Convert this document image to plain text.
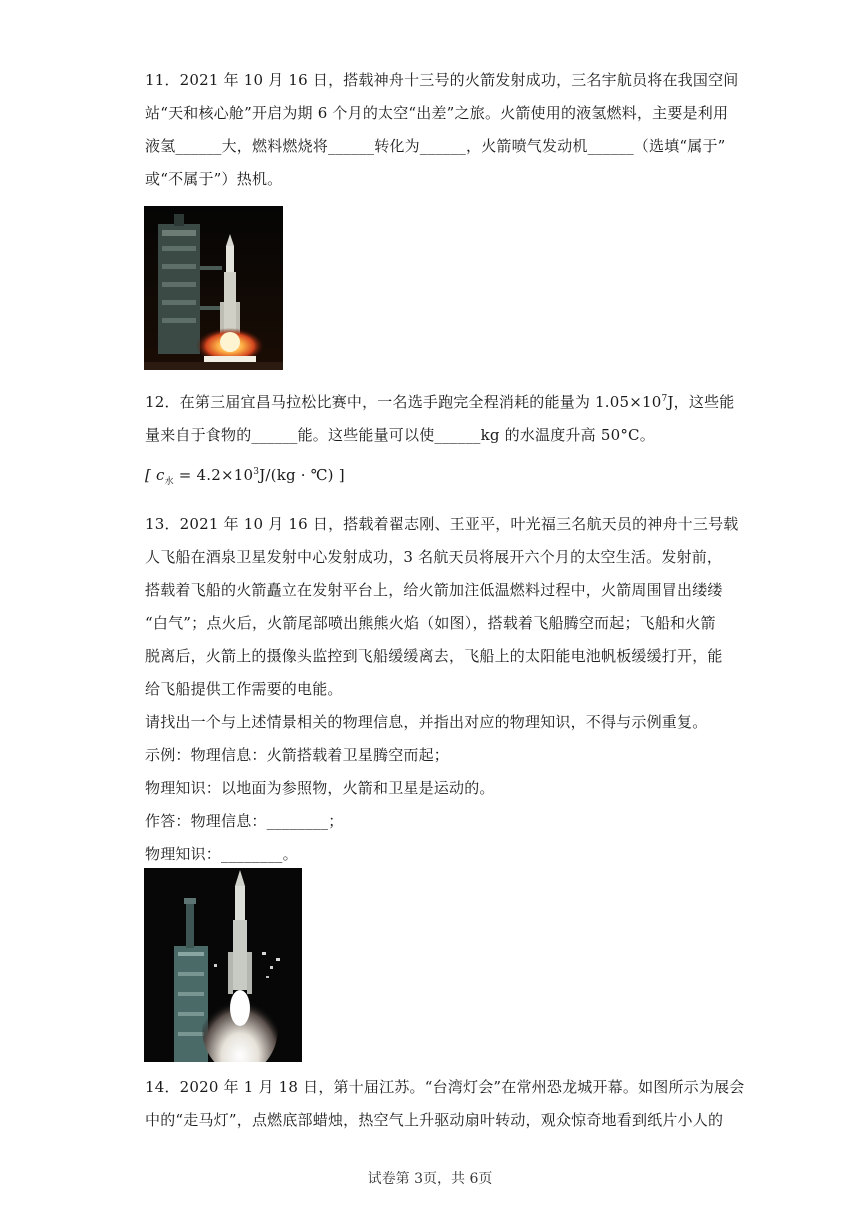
11．2021 年 10 月 16 日，搭载神舟十三号的火箭发射成功，三名宇航员将在我国空间
站“天和核心舱”开启为期 6 个月的太空“出差”之旅。火箭使用的液氢燃料，主要是利用
液氢______大，燃料燃烧将______转化为______，火箭喷气发动机______（选填“属于”
或“不属于”）热机。
12．在第三届宜昌马拉松比赛中，一名选手跑完全程消耗的能量为 $1.05\times 10^7J$，这些能
量来自于食物的______能。这些能量可以使______kg 的水温度升高 50°C。
[ $c_水 = 4.2\times 10^3J/(kg$ · ℃) ]
13．2021 年 10 月 16 日，搭载着翟志刚、王亚平，叶光福三名航天员的神舟十三号载
人飞船在酒泉卫星发射中心发射成功，3 名航天员将展开六个月的太空生活。发射前，
搭载着飞船的火箭矗立在发射平台上，给火箭加注低温燃料过程中，火箭周围冒出缕缕
“白气”；点火后，火箭尾部喷出熊熊火焰（如图），搭载着飞船腾空而起；飞船和火箭
脱离后，火箭上的摄像头监控到飞船缓缓离去，飞船上的太阳能电池帆板缓缓打开，能
给飞船提供工作需要的电能。
请找出一个与上述情景相关的物理信息，并指出对应的物理知识，不得与示例重复。
示例：物理信息：火箭搭载着卫星腾空而起；
物理知识：以地面为参照物，火箭和卫星是运动的。
作答：物理信息：________；
物理知识：________。
14．2020 年 1 月 18 日，第十届江苏。“台湾灯会”在常州恐龙城开幕。如图所示为展会
中的“走马灯”，点燃底部蜡烛，热空气上升驱动扇叶转动，观众惊奇地看到纸片小人的
试卷第 3页，共 6页
